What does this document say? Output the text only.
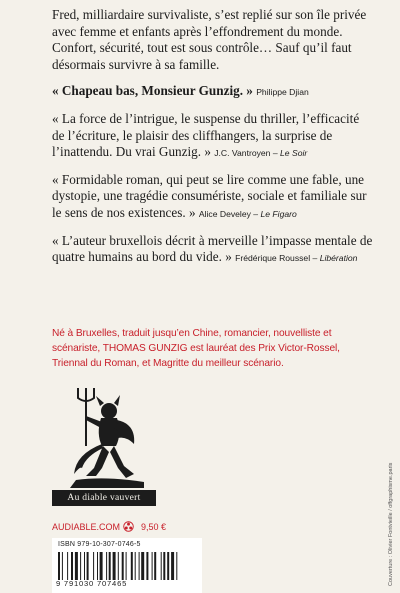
Fred, milliardaire survivaliste, s’est replié sur son île privée avec femme et enfants après l’effondrement du monde. Confort, sécurité, tout est sous contrôle… Sauf qu’il faut désormais survivre à sa famille.

« Chapeau bas, Monsieur Gunzig. » Philippe Djian

« La force de l’intrigue, le suspense du thriller, l’efficacité de l’écriture, le plaisir des cliffhangers, la surprise de l’inattendu. Du vrai Gunzig. » J.C. Vantroyen – Le Soir

« Formidable roman, qui peut se lire comme une fable, une dystopie, une tragédie consumériste, sociale et familiale sur le sens de nos existences. » Alice Develey – Le Figaro

« L’auteur bruxellois décrit à merveille l’impasse mentale de quatre humains au bord du vide. » Frédérique Roussel – Libération

Né à Bruxelles, traduit jusqu’en Chine, romancier, nouvelliste et scénariste, THOMAS GUNZIG est lauréat des Prix Victor-Rossel, Triennal du Roman, et Magritte du meilleur scénario.
Au diable vauvert
AUDIABLE.COM 9,50 €
ISBN 979-10-307-0746-5
9 791030 707465	Couverture : Olivier Fontvieille / offgraphisme.paris
